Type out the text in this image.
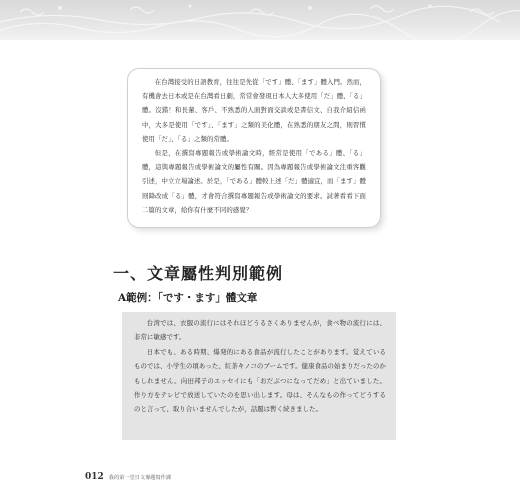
在台灣接受的日語教育，往往是先從「です」體、「ます」體入門。然而，有機會去日本或是在台灣看日劇，常常會發現日本人大多使用「だ」體、「る」體。沒錯！和長輩、客戶、不熟悉的人面對面交談或是書信文、自我介紹信函中，大多是使用「です」、「ます」之類的美化體，在熟悉的朋友之間，則習慣使用「だ」、「る」之類的常體。

但是，在撰寫專題報告或學術論文時，經常是使用「である」體、「る」體，這與專題報告或學術論文的屬性有關。因為專題報告或學術論文注重客觀引述，中立立場論述。於是，「である」體較上述「だ」體適宜，而「ます」體則降改成「る」體，才會符合撰寫專題報告或學術論文的要求。試著看看下面二篇的文章，給你有什麼不同的感覺？

一、文章屬性判別範例
A範例：「です・ます」體文章

台湾では、衣服の流行にはそれほどうるさくありませんが，食べ物の流行には、非常に敏感です。

日本でも、ある時期、爆発的にある食品が流行したことがあります。覚えているものでは、小学生の頃あった、紅茶キノコのブームです。健康食品の始まりだったのかもしれません。向田邦子のエッセイにも「おだぶつになってだめ」と出ていました。作り方をテレビで放送していたのを思い出します。母は、そんなもの作ってどうするのと言って、取り合いませんでしたが，話題は暫く続きました。

012 我的第一堂日文專題寫作課
